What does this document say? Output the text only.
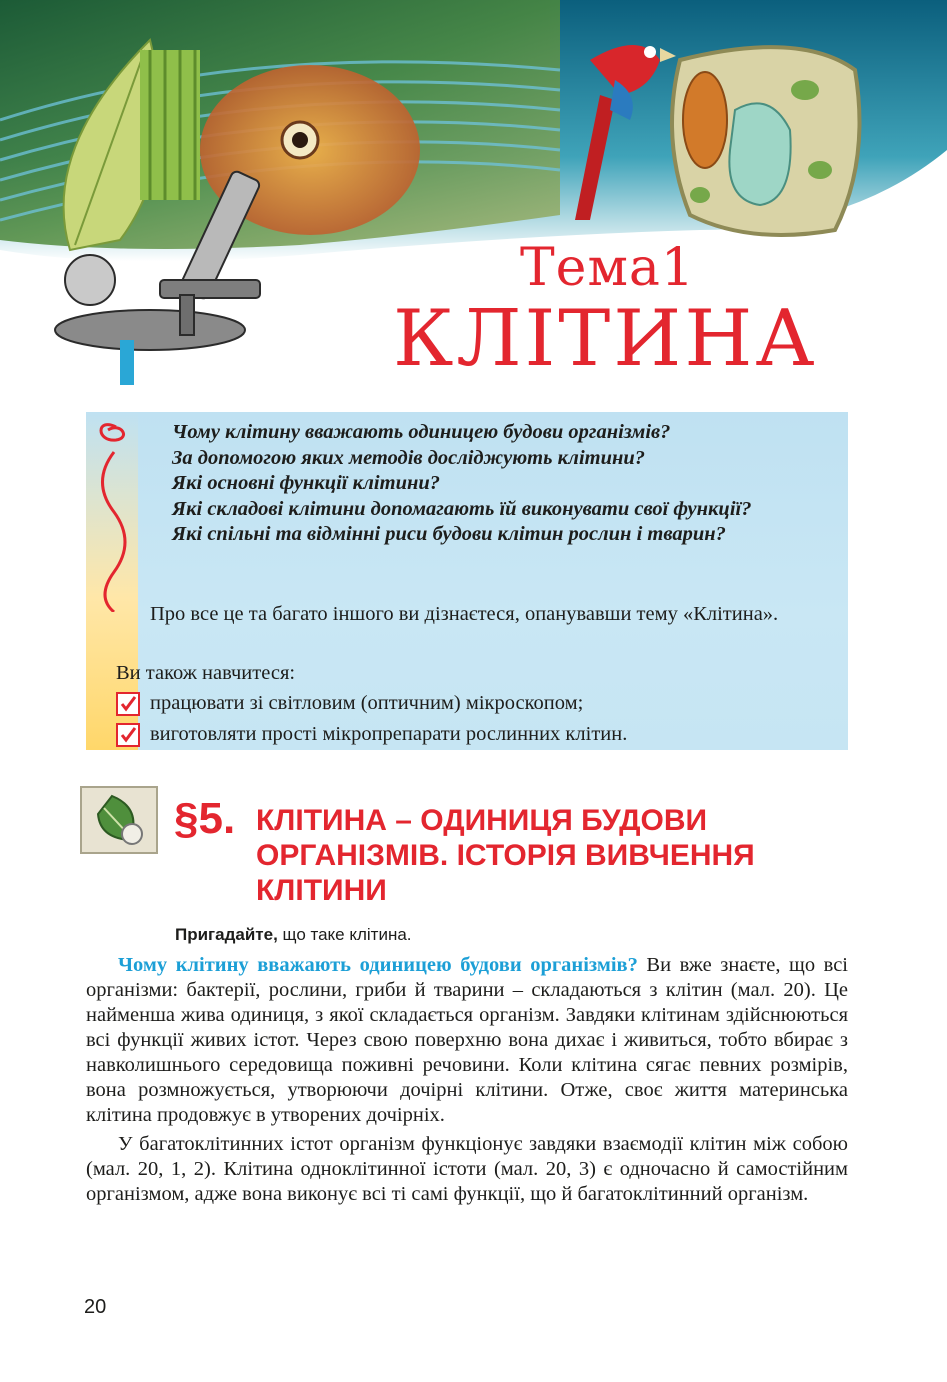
Тема1
КЛІТИНА
Чому клітину вважають одиницею будови організмів?
За допомогою яких методів досліджують клітини?
Які основні функції клітини?
Які складові клітини допомагають їй виконувати свої функції?
Які спільні та відмінні риси будови клітин рослин і тварин?

Про все це та багато іншого ви дізнаєтеся, опанувавши тему «Клітина».

Ви також навчитеся:
працювати зі світловим (оптичним) мікроскопом;
виготовляти прості мікропрепарати рослинних клітин.
§5. КЛІТИНА – ОДИНИЦЯ БУДОВИ ОРГАНІЗМІВ. ІСТОРІЯ ВИВЧЕННЯ КЛІТИНИ
Пригадайте, що таке клітина.

Чому клітину вважають одиницею будови організмів? Ви вже знаєте, що всі організми: бактерії, рослини, гриби й тварини – складаються з клітин (мал. 20). Це найменша жива одиниця, з якої складається організм. Завдяки клітинам здійснюються всі функції живих істот. Через свою поверхню вона дихає і живиться, тобто вбирає з навколишнього середовища поживні речовини. Коли клітина сягає певних розмірів, вона розмножується, утворюючи дочірні клітини. Отже, своє життя материнська клітина продовжує в утворених дочірніх.

У багатоклітинних істот організм функціонує завдяки взаємодії клітин між собою (мал. 20, 1, 2). Клітина одноклітинної істоти (мал. 20, 3) є одночасно й самостійним організмом, адже вона виконує всі ті самі функції, що й багатоклітинний організм.

20
